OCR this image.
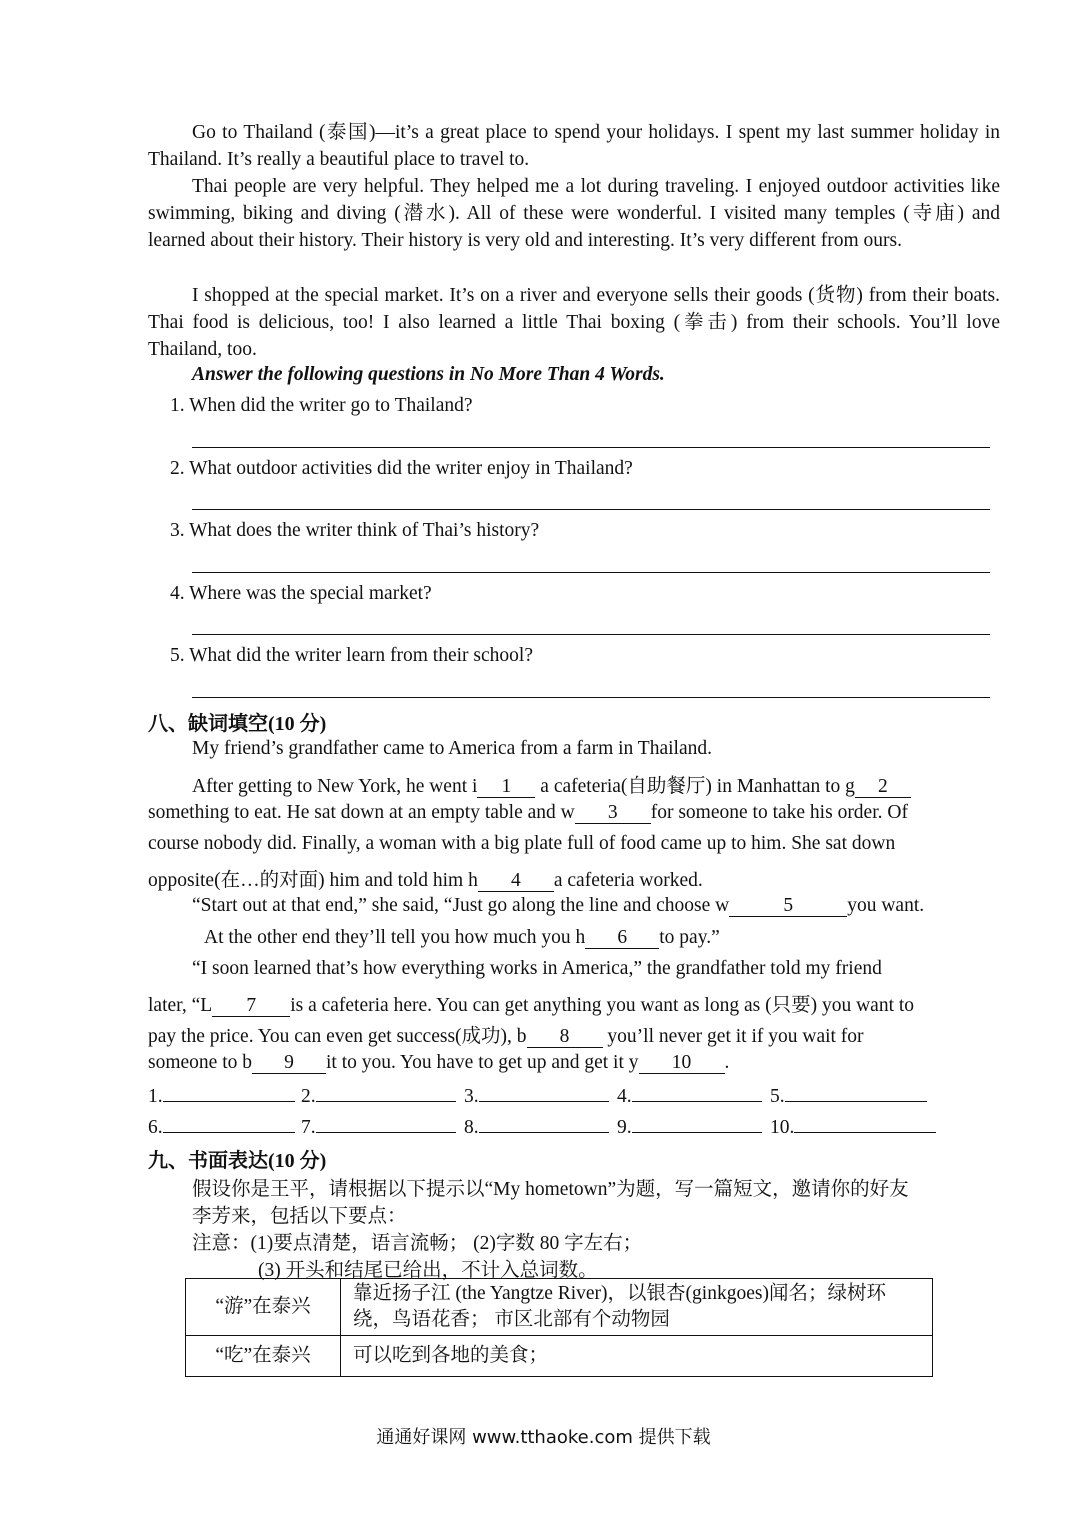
Go to Thailand (泰国)—it’s a great place to spend your holidays. I spent my last summer holiday in Thailand. It’s really a beautiful place to travel to.
Thai people are very helpful. They helped me a lot during traveling. I enjoyed outdoor activities like swimming, biking and diving (潜水). All of these were wonderful. I visited many temples (寺庙) and learned about their history. Their history is very old and interesting. It’s very different from ours.
I shopped at the special market. It’s on a river and everyone sells their goods (货物) from their boats. Thai food is delicious, too! I also learned a little Thai boxing (拳击) from their schools. You’ll love Thailand, too.
Answer the following questions in No More Than 4 Words.
1. When did the writer go to Thailand?
2. What outdoor activities did the writer enjoy in Thailand?
3. What does the writer think of Thai’s history?
4. Where was the special market?
5. What did the writer learn from their school?
八、缺词填空(10 分)
My friend’s grandfather came to America from a farm in Thailand.
After getting to New York, he went i 1 a cafeteria(自助餐厅) in Manhattan to g 2
something to eat. He sat down at an empty table and w 3 for someone to take his order. Of
course nobody did. Finally, a woman with a big plate full of food came up to him. She sat down
opposite(在…的对面) him and told him h 4 a cafeteria worked.
“Start out at that end,” she said, “Just go along the line and choose w	5	you want.
At the other end they’ll tell you how much you h 6 to pay.”
“I soon learned that’s how everything works in America,” the grandfather told my friend
later, “L 7 is a cafeteria here. You can get anything you want as long as (只要) you want to
pay the price. You can even get success(成功), b 8 you’ll never get it if you wait for
someone to b 9 it to you. You have to get up and get it y 10 .
1.	2.	3.	4.	5.
6.	7.	8.	9.	10.
九、书面表达(10 分)
假设你是王平，请根据以下提示以“My hometown”为题，写一篇短文，邀请你的好友
李芳来，包括以下要点：
注意：(1)要点清楚，语言流畅； (2)字数 80 字左右；
(3) 开头和结尾已给出，不计入总词数。
“游”在泰兴	靠近扬子江 (the Yangtze River)，以银杏(ginkgoes)闻名；绿树环绕，鸟语花香； 市区北部有个动物园
“吃”在泰兴	可以吃到各地的美食；
通通好课网 www.tthaoke.com 提供下载
